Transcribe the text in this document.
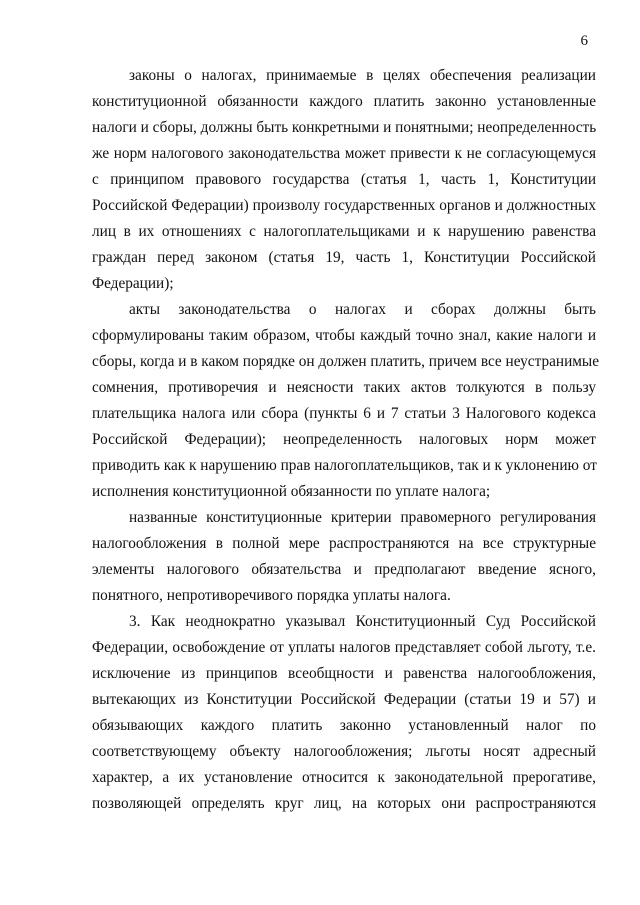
6
законы о налогах, принимаемые в целях обеспечения реализации
конституционной обязанности каждого платить законно установленные
налоги и сборы, должны быть конкретными и понятными; неопределенность
же норм налогового законодательства может привести к не согласующемуся
с принципом правового государства (статья 1, часть 1, Конституции
Российской Федерации) произволу государственных органов и должностных
лиц в их отношениях с налогоплательщиками и к нарушению равенства
граждан перед законом (статья 19, часть 1, Конституции Российской
Федерации);
акты законодательства о налогах и сборах должны быть
сформулированы таким образом, чтобы каждый точно знал, какие налоги и
сборы, когда и в каком порядке он должен платить, причем все неустранимые
сомнения, противоречия и неясности таких актов толкуются в пользу
плательщика налога или сбора (пункты 6 и 7 статьи 3 Налогового кодекса
Российской Федерации); неопределенность налоговых норм может
приводить как к нарушению прав налогоплательщиков, так и к уклонению от
исполнения конституционной обязанности по уплате налога;
названные конституционные критерии правомерного регулирования
налогообложения в полной мере распространяются на все структурные
элементы налогового обязательства и предполагают введение ясного,
понятного, непротиворечивого порядка уплаты налога.
3. Как неоднократно указывал Конституционный Суд Российской
Федерации, освобождение от уплаты налогов представляет собой льготу, т.е.
исключение из принципов всеобщности и равенства налогообложения,
вытекающих из Конституции Российской Федерации (статьи 19 и 57) и
обязывающих каждого платить законно установленный налог по
соответствующему объекту налогообложения; льготы носят адресный
характер, а их установление относится к законодательной прерогативе,
позволяющей определять круг лиц, на которых они распространяются
